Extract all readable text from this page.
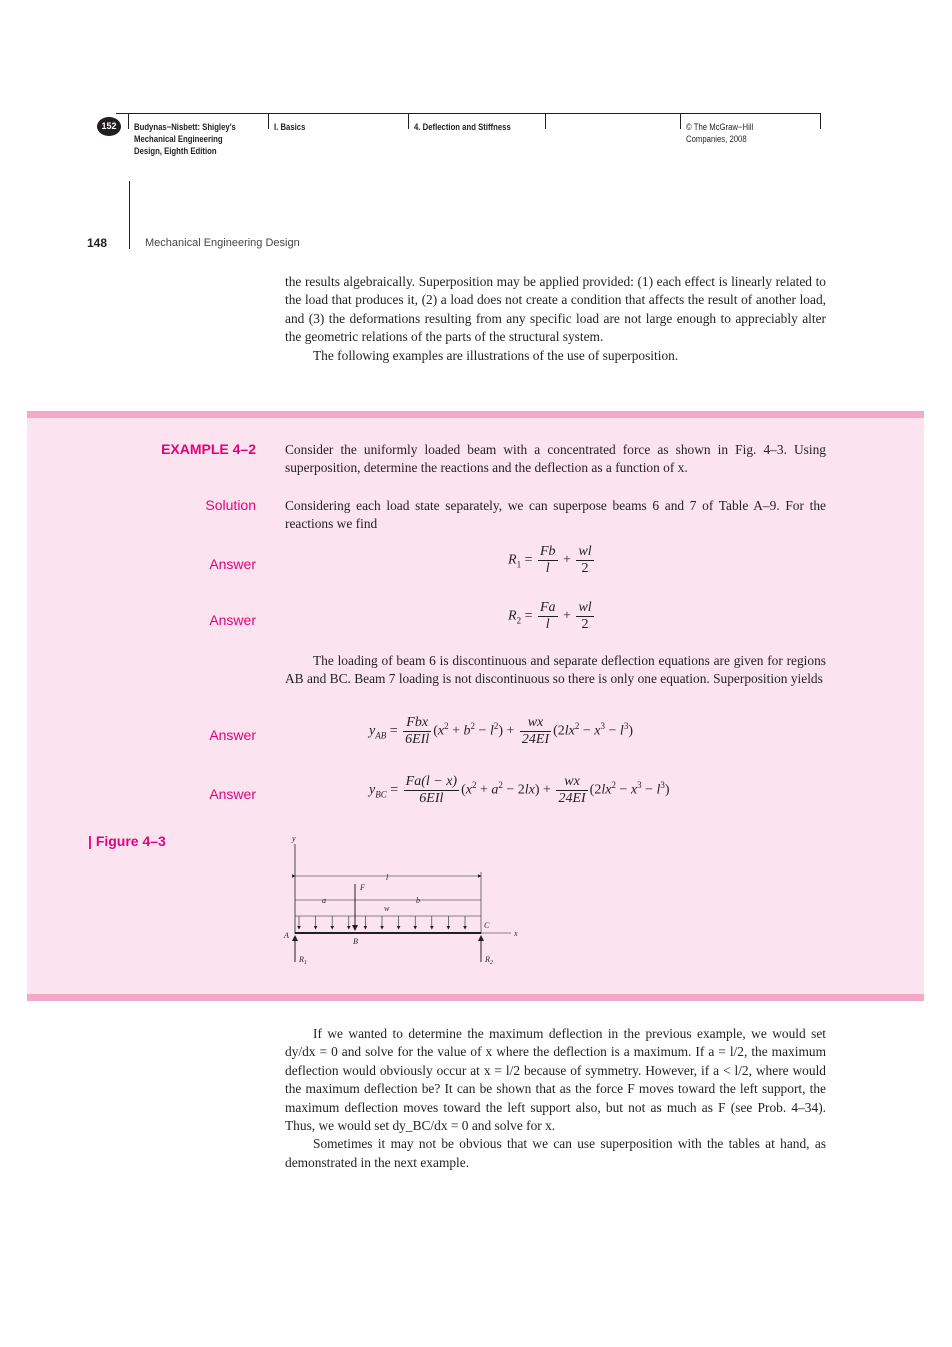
152	Budynas−Nisbett: Shigley's
Mechanical Engineering
Design, Eighth Edition
I. Basics	4. Deflection and Stiffness	© The McGraw−Hill
Companies, 2008
148	Mechanical Engineering Design

the results algebraically. Superposition may be applied provided: (1) each effect is linearly related to the load that produces it, (2) a load does not create a condition that affects the result of another load, and (3) the deformations resulting from any specific load are not large enough to appreciably alter the geometric relations of the parts of the structural system.

The following examples are illustrations of the use of superposition.

EXAMPLE 4–2 Consider the uniformly loaded beam with a concentrated force as shown in Fig. 4–3. Using superposition, determine the reactions and the deflection as a function of x.
Solution Considering each load state separately, we can superpose beams 6 and 7 of Table A–9. For the reactions we find
Answer	$R_1 = \frac{Fb}{l} + \frac{wl}{2}$
Answer	$R_2 = \frac{Fa}{l} + \frac{wl}{2}$

The loading of beam 6 is discontinuous and separate deflection equations are given for regions AB and BC. Beam 7 loading is not discontinuous so there is only one equation. Superposition yields

Answer	$y_{AB} = \frac{\text{Fbx}}{\text{6EIl}} (x^2 + b^2 - l^2) + \frac{wx}{24EI} (2lx^2 - x^3 - l^3)$
Answer	$y_{BC} = \frac{Fa(l - x)}{\text{6EIl}} (x^2 + a^2 - 2lx) + \frac{wx}{24EI} (2lx^2 - x^3 - l^3)$
| Figure 4–3	y
l
a	b
F
w
x
A
B
C
$R_1$	$R_2$

If we wanted to determine the maximum deflection in the previous example, we would set dy/dx = 0 and solve for the value of x where the deflection is a maximum. If a = l/2, the maximum deflection would obviously occur at x = l/2 because of symmetry. However, if a < l/2, where would the maximum deflection be? It can be shown that as the force F moves toward the left support, the maximum deflection moves toward the left support also, but not as much as F (see Prob. 4–34). Thus, we would set dy_BC/dx = 0 and solve for x.

Sometimes it may not be obvious that we can use superposition with the tables at hand, as demonstrated in the next example.
